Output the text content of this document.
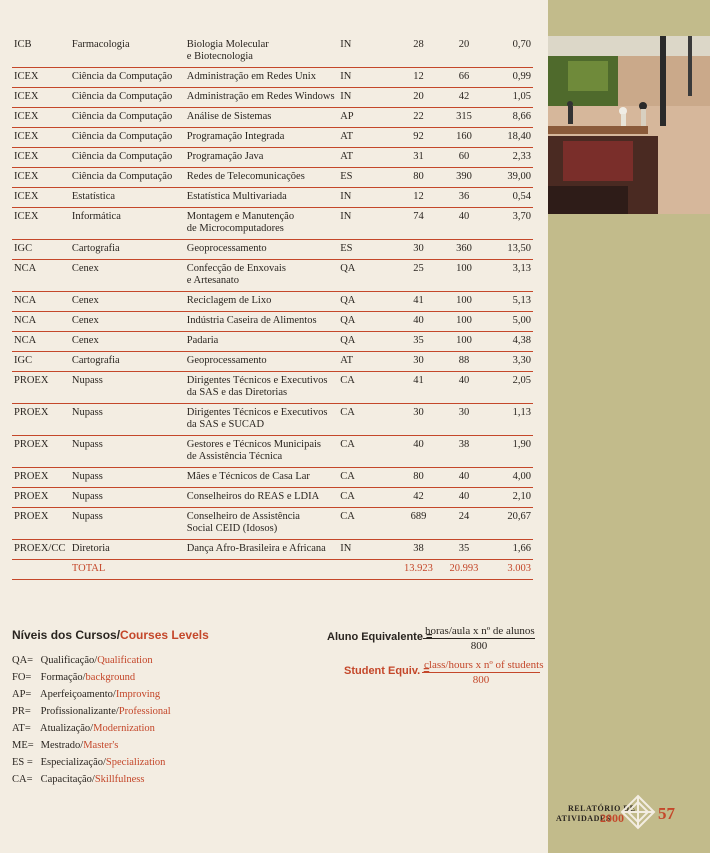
ICB	Farmacologia	Biologia Molecular
e Biotecnologia	IN	28	20	0,70
ICEX	Ciência da Computação	Administração em Redes Unix	IN	12	66	0,99
ICEX	Ciência da Computação	Administração em Redes Windows	IN	20	42	1,05
ICEX	Ciência da Computação	Análise de Sistemas	AP	22	315	8,66
ICEX	Ciência da Computação	Programação Integrada	AT	92	160	18,40
ICEX	Ciência da Computação	Programação Java	AT	31	60	2,33
ICEX	Ciência da Computação	Redes de Telecomunicações	ES	80	390	39,00
ICEX	Estatística	Estatística Multivariada	IN	12	36	0,54
ICEX	Informática	Montagem e Manutenção
de Microcomputadores	IN	74	40	3,70
IGC	Cartografia	Geoprocessamento	ES	30	360	13,50
NCA	Cenex	Confecção de Enxovais
e Artesanato	QA	25	100	3,13
NCA	Cenex	Reciclagem de Lixo	QA	41	100	5,13
NCA	Cenex	Indústria Caseira de Alimentos	QA	40	100	5,00
NCA	Cenex	Padaria	QA	35	100	4,38
IGC	Cartografia	Geoprocessamento	AT	30	88	3,30
PROEX	Nupass	Dirigentes Técnicos e Executivos
da SAS e das Diretorias	CA	41	40	2,05
PROEX	Nupass	Dirigentes Técnicos e Executivos
da SAS e SUCAD	CA	30	30	1,13
PROEX	Nupass	Gestores e Técnicos Municipais
de Assistência Técnica	CA	40	38	1,90
PROEX	Nupass	Mães e Técnicos de Casa Lar	CA	80	40	4,00
PROEX	Nupass	Conselheiros do REAS e LDIA	CA	42	40	2,10
PROEX	Nupass	Conselheiro de Assistência
Social CEID (Idosos)	CA	689	24	20,67
PROEX/CC	Diretoria	Dança Afro-Brasileira e Africana	IN	38	35	1,66
	TOTAL			13.923	20.993	3.003
Níveis dos Cursos/Courses Levels
QA= Qualificação/Qualification
FO= Formação/background
AP= Aperfeiçoamento/Improving
PR= Profissionalizante/Professional
AT= Atualização/Modernization
ME= Mestrado/Master's
ES = Especialização/Specialization
CA= Capacitação/Skillfulness
Aluno Equivalente =
horas/aula x nº de alunos
800
Student Equiv. =
class/hours x nº of students
800
RELATÓRIO DE
ATIVIDADES
2000 57
